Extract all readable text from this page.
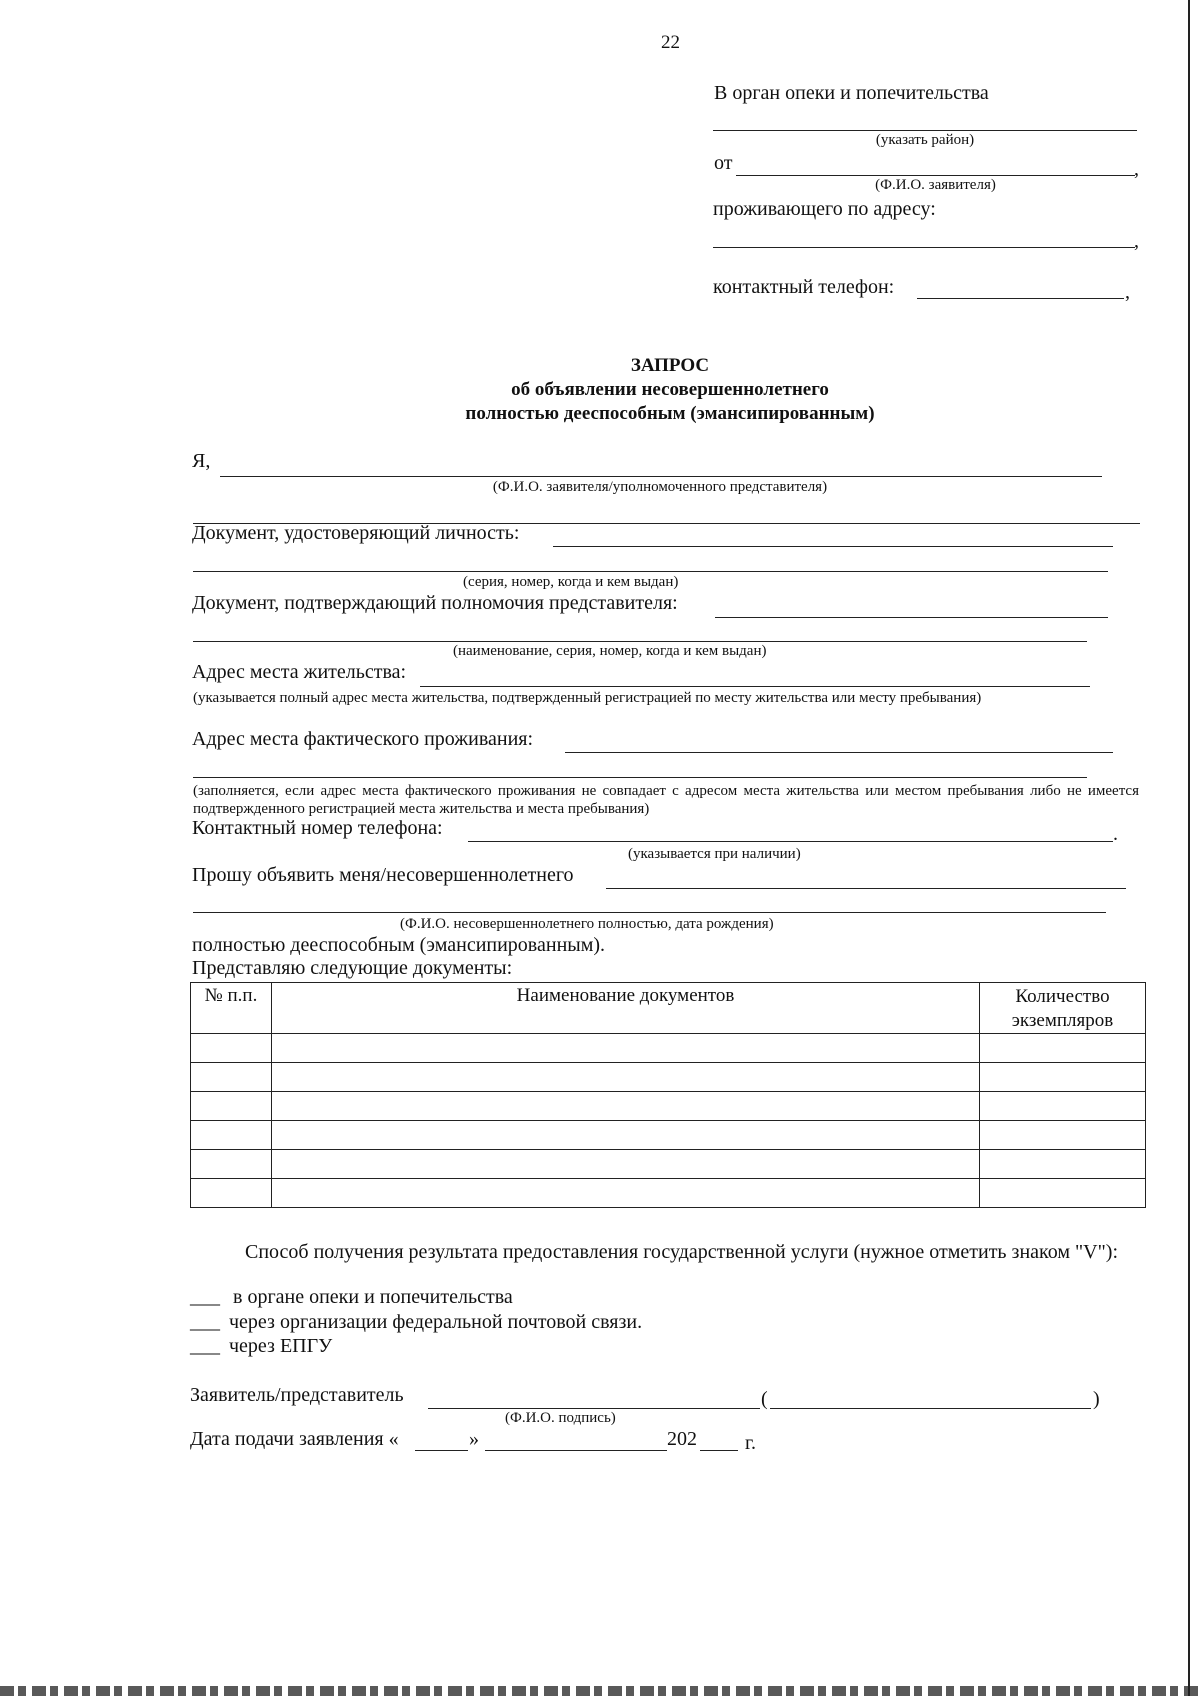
22
В орган опеки и попечительства
(указать район)
от	,
(Ф.И.О. заявителя)
проживающего по адресу:
,
контактный телефон:	,
ЗАПРОС
об объявлении несовершеннолетнего
полностью дееспособным (эмансипированным)
Я,
(Ф.И.О. заявителя/уполномоченного представителя)
Документ, удостоверяющий личность:
(серия, номер, когда и кем выдан)
Документ, подтверждающий полномочия представителя:
(наименование, серия, номер, когда и кем выдан)
Адрес места жительства:
(указывается полный адрес места жительства, подтвержденный регистрацией по месту жительства или месту пребывания)
Адрес места фактического проживания:
(заполняется, если адрес места фактического проживания не совпадает с адресом места жительства или местом пребывания либо не имеется подтвержденного регистрацией места жительства и места пребывания)
Контактный номер телефона:	.
(указывается при наличии)
Прошу объявить меня/несовершеннолетнего
(Ф.И.О. несовершеннолетнего полностью, дата рождения)
полностью дееспособным (эмансипированным).
Представляю следующие документы:
№ п.п.	Наименование документов	Количество экземпляров

Способ получения результата предоставления государственной услуги (нужное отметить знаком "V"):
___ в органе опеки и попечительства
___ через организации федеральной почтовой связи.
___ через ЕПГУ
Заявитель/представитель	(	)
(Ф.И.О. подпись)
Дата подачи заявления «	»	202 г.
